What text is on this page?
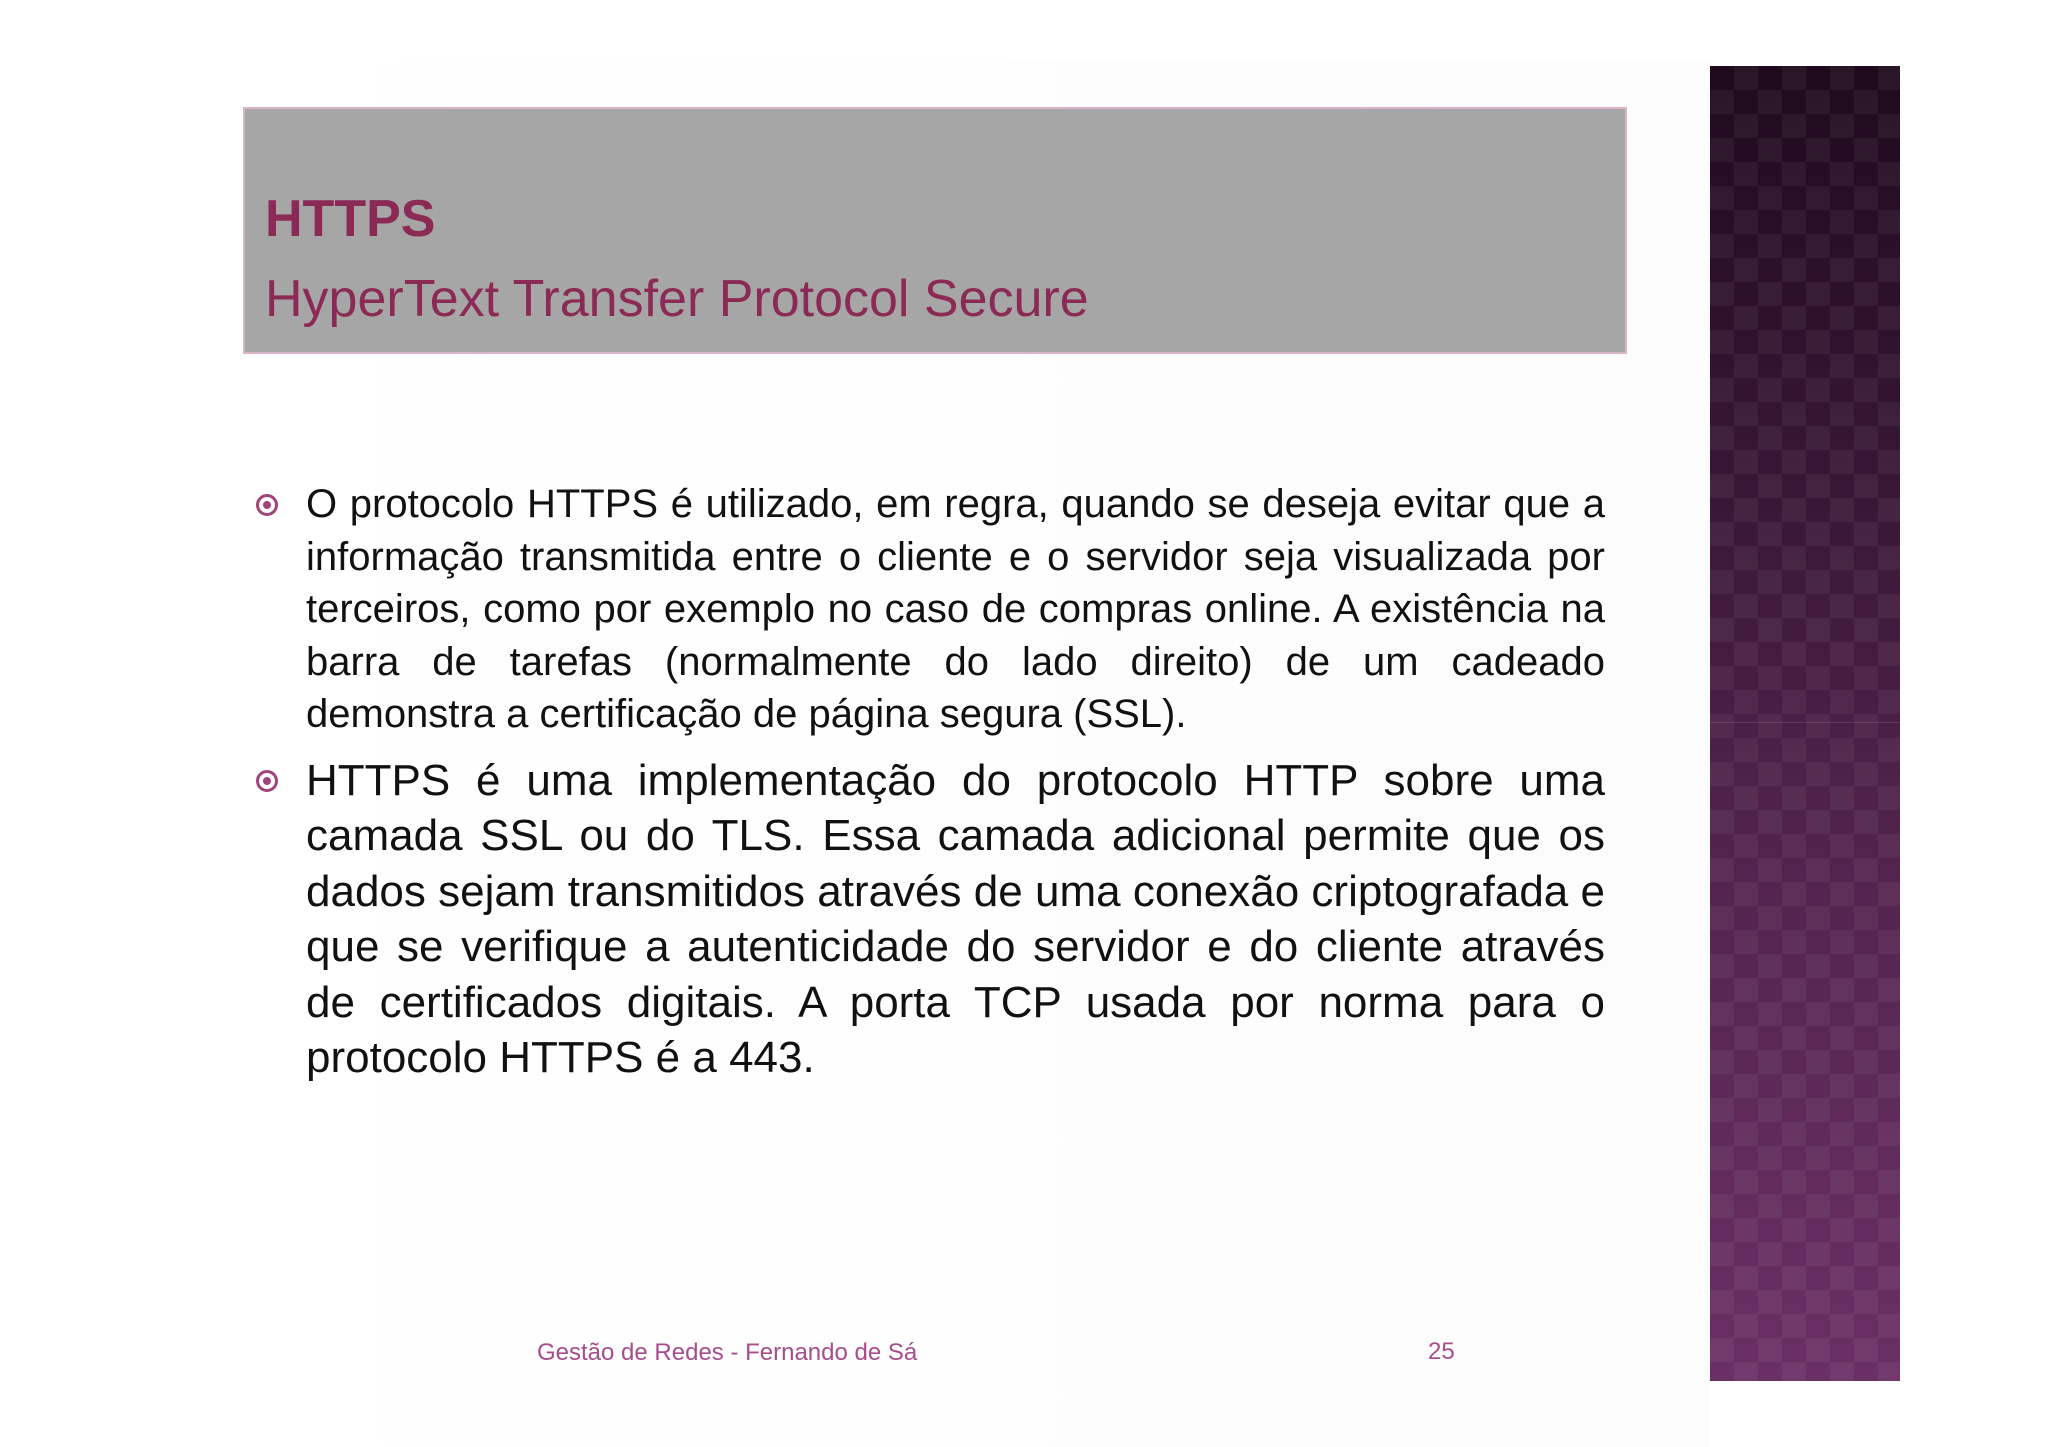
HTTPS
HyperText Transfer Protocol Secure
O protocolo HTTPS é utilizado, em regra, quando se deseja evitar que a informação transmitida entre o cliente e o servidor seja visualizada por terceiros, como por exemplo no caso de compras online. A existência na barra de tarefas (normalmente do lado direito) de um cadeado demonstra a certificação de página segura (SSL).
HTTPS é uma implementação do protocolo HTTP sobre uma camada SSL ou do TLS. Essa camada adicional permite que os dados sejam transmitidos através de uma conexão criptografada e que se verifique a autenticidade do servidor e do cliente através de certificados digitais. A porta TCP usada por norma para o protocolo HTTPS é a 443.
Gestão de Redes - Fernando de Sá	25
